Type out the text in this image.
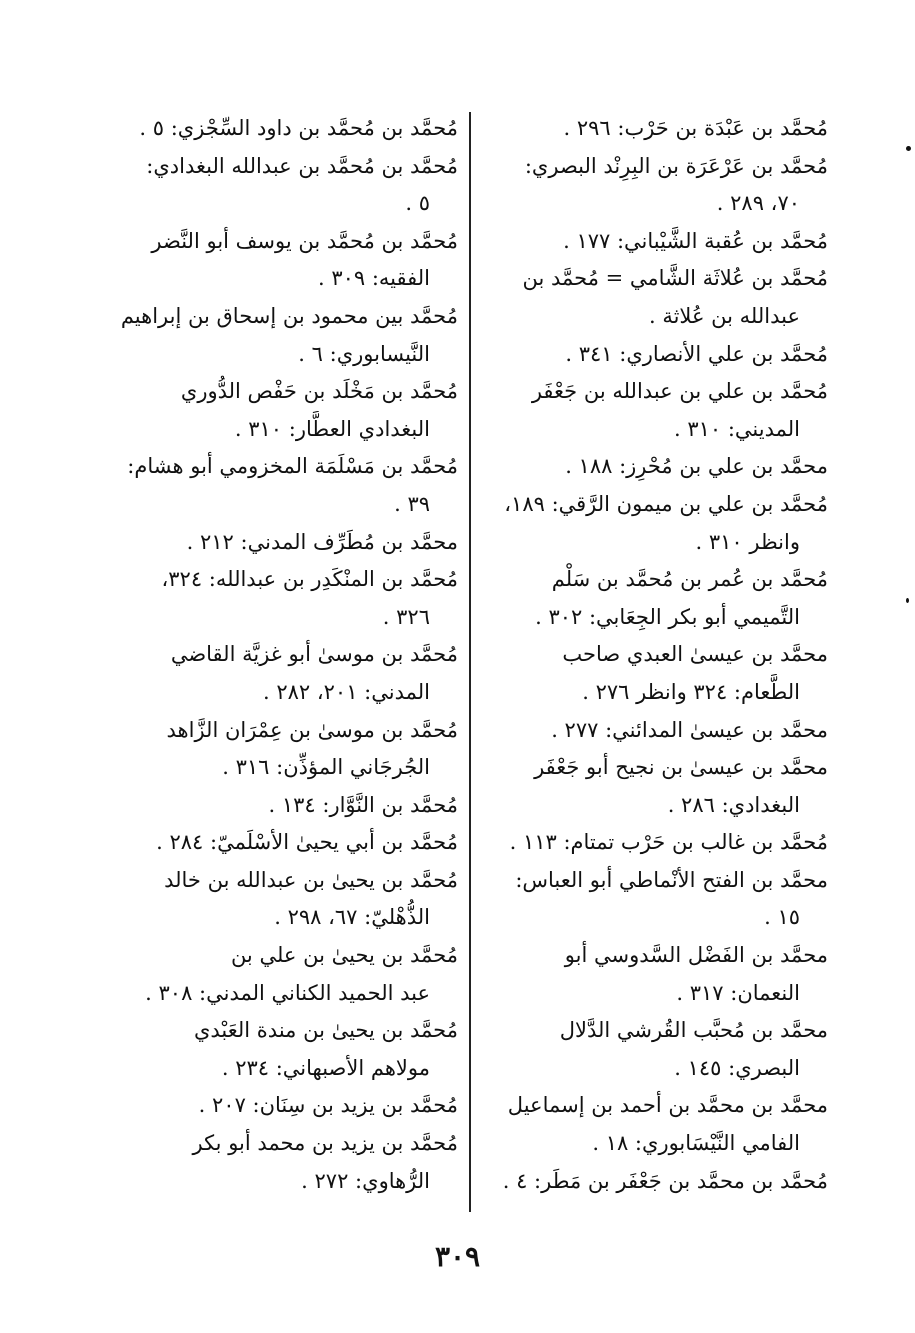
مُحمَّد بن عَبْدَة بن حَرْب: ٢٩٦ .
مُحمَّد بن عَرْعَرَة بن البِرِنْد البصري:
٧٠، ٢٨٩ .
مُحمَّد بن عُقبة الشَّيْباني: ١٧٧ .
مُحمَّد بن عُلاثَة الشَّامي = مُحمَّد بن
عبدالله بن عُلاثة .
مُحمَّد بن علي الأنصاري: ٣٤١ .
مُحمَّد بن علي بن عبدالله بن جَعْفَر
المديني: ٣١٠ .
محمَّد بن علي بن مُحْرِز: ١٨٨ .
مُحمَّد بن علي بن ميمون الرَّقي: ١٨٩،
وانظر ٣١٠ .
مُحمَّد بن عُمر بن مُحمَّد بن سَلْم
التَّميمي أبو بكر الجِعَابي: ٣٠٢ .
محمَّد بن عيسىٰ العبدي صاحب
الطَّعام: ٣٢٤ وانظر ٢٧٦ .
محمَّد بن عيسىٰ المدائني: ٢٧٧ .
محمَّد بن عيسىٰ بن نجيح أبو جَعْفَر
البغدادي: ٢٨٦ .
مُحمَّد بن غالب بن حَرْب تمتام: ١١٣ .
محمَّد بن الفتح الأنْماطي أبو العباس:
١٥ .
محمَّد بن الفَضْل السَّدوسي أبو
النعمان: ٣١٧ .
محمَّد بن مُحبَّب القُرشي الدَّلال
البصري: ١٤٥ .
محمَّد بن محمَّد بن أحمد بن إسماعيل
الفامي النَّيْسَابوري: ١٨ .
مُحمَّد بن محمَّد بن جَعْفَر بن مَطَر: ٤ .
مُحمَّد بن مُحمَّد بن داود السِّجْزي: ٥ .
مُحمَّد بن مُحمَّد بن عبدالله البغدادي:
٥ .
مُحمَّد بن مُحمَّد بن يوسف أبو النَّضر
الفقيه: ٣٠٩ .
مُحمَّد بين محمود بن إسحاق بن إبراهيم
النَّيسابوري: ٦ .
مُحمَّد بن مَخْلَد بن حَفْص الدُّوري
البغدادي العطَّار: ٣١٠ .
مُحمَّد بن مَسْلَمَة المخزومي أبو هشام:
٣٩ .
محمَّد بن مُطَرِّف المدني: ٢١٢ .
مُحمَّد بن المنْكَدِر بن عبدالله: ٣٢٤،
٣٢٦ .
مُحمَّد بن موسىٰ أبو غزيَّة القاضي
المدني: ٢٠١، ٢٨٢ .
مُحمَّد بن موسىٰ بن عِمْرَان الزَّاهد
الجُرجَاني المؤذِّن: ٣١٦ .
مُحمَّد بن النَّوَّار: ١٣٤ .
مُحمَّد بن أبي يحيىٰ الأسْلَميّ: ٢٨٤ .
مُحمَّد بن يحيىٰ بن عبدالله بن خالد
الذُّهْليّ: ٦٧، ٢٩٨ .
مُحمَّد بن يحيىٰ بن علي بن
عبد الحميد الكناني المدني: ٣٠٨ .
مُحمَّد بن يحيىٰ بن مندة العَبْدي
مولاهم الأصبهاني: ٢٣٤ .
مُحمَّد بن يزيد بن سِنَان: ٢٠٧ .
مُحمَّد بن يزيد بن محمد أبو بكر
الرُّهاوي: ٢٧٢ .
٣٠٩
